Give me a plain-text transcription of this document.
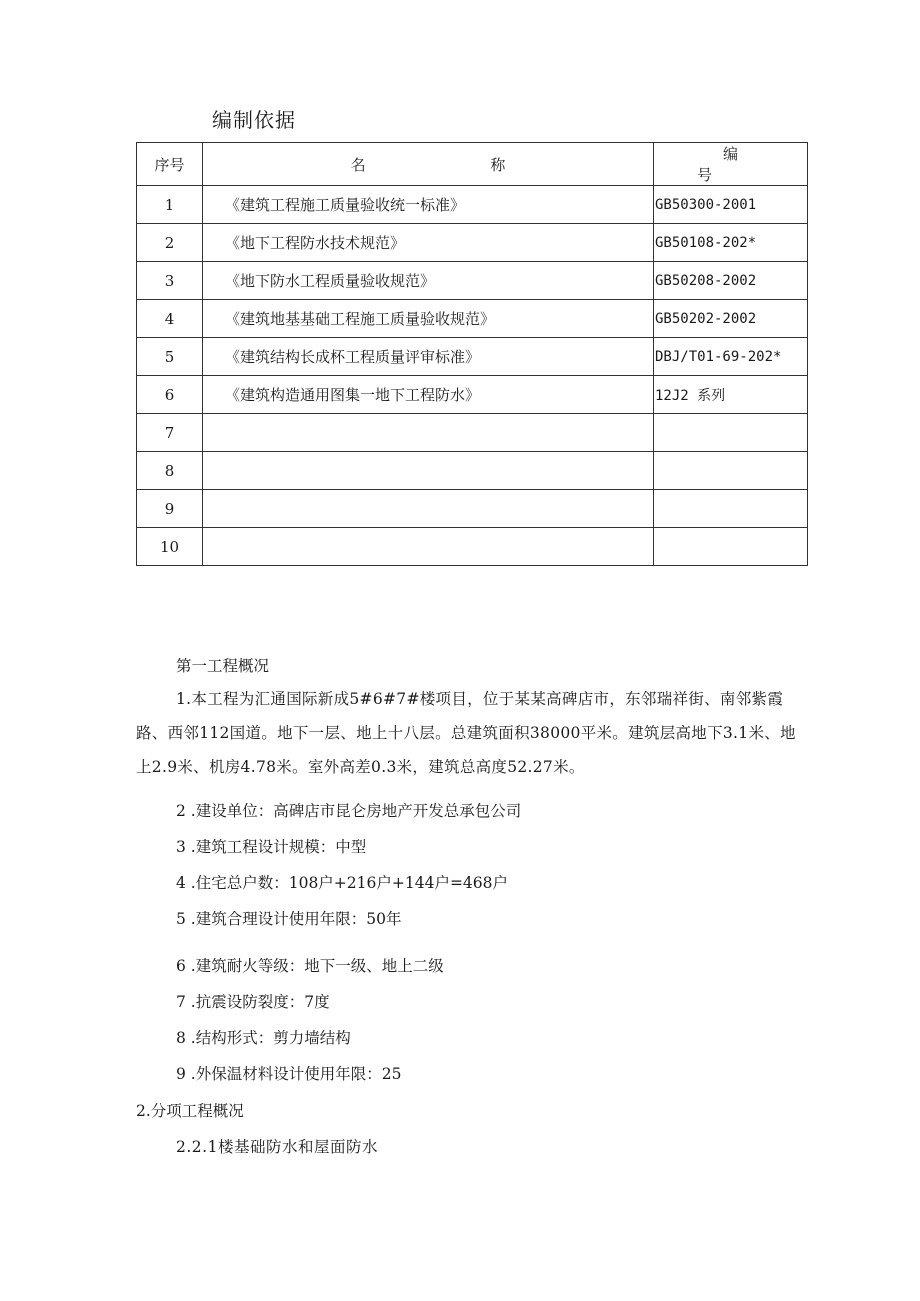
编制依据
序号	名 称	编 号
1	《建筑工程施工质量验收统一标准》	GB50300-2001
2	《地下工程防水技术规范》	GB50108-202*
3	《地下防水工程质量验收规范》	GB50208-2002
4	《建筑地基基础工程施工质量验收规范》	GB50202-2002
5	《建筑结构长成杯工程质量评审标准》	DBJ/T01-69-202*
6	《建筑构造通用图集一地下工程防水》	12J2 系列
7		
8		
9		
10		
第一工程概况
1.本工程为汇通国际新成5#6#7#楼项目，位于某某高碑店市，东邻瑞祥街、南邻紫霞路、西邻112国道。地下一层、地上十八层。总建筑面积38000平米。建筑层高地下3.1米、地上2.9米、机房4.78米。室外高差0.3米，建筑总高度52.27米。
2 .建设单位：高碑店市昆仑房地产开发总承包公司
3 .建筑工程设计规模：中型
4 .住宅总户数：108户+216户+144户=468户
5 .建筑合理设计使用年限：50年
6 .建筑耐火等级：地下一级、地上二级
7 .抗震设防裂度：7度
8 .结构形式：剪力墙结构
9 .外保温材料设计使用年限：25
2.分项工程概况
2.2.1楼基础防水和屋面防水
